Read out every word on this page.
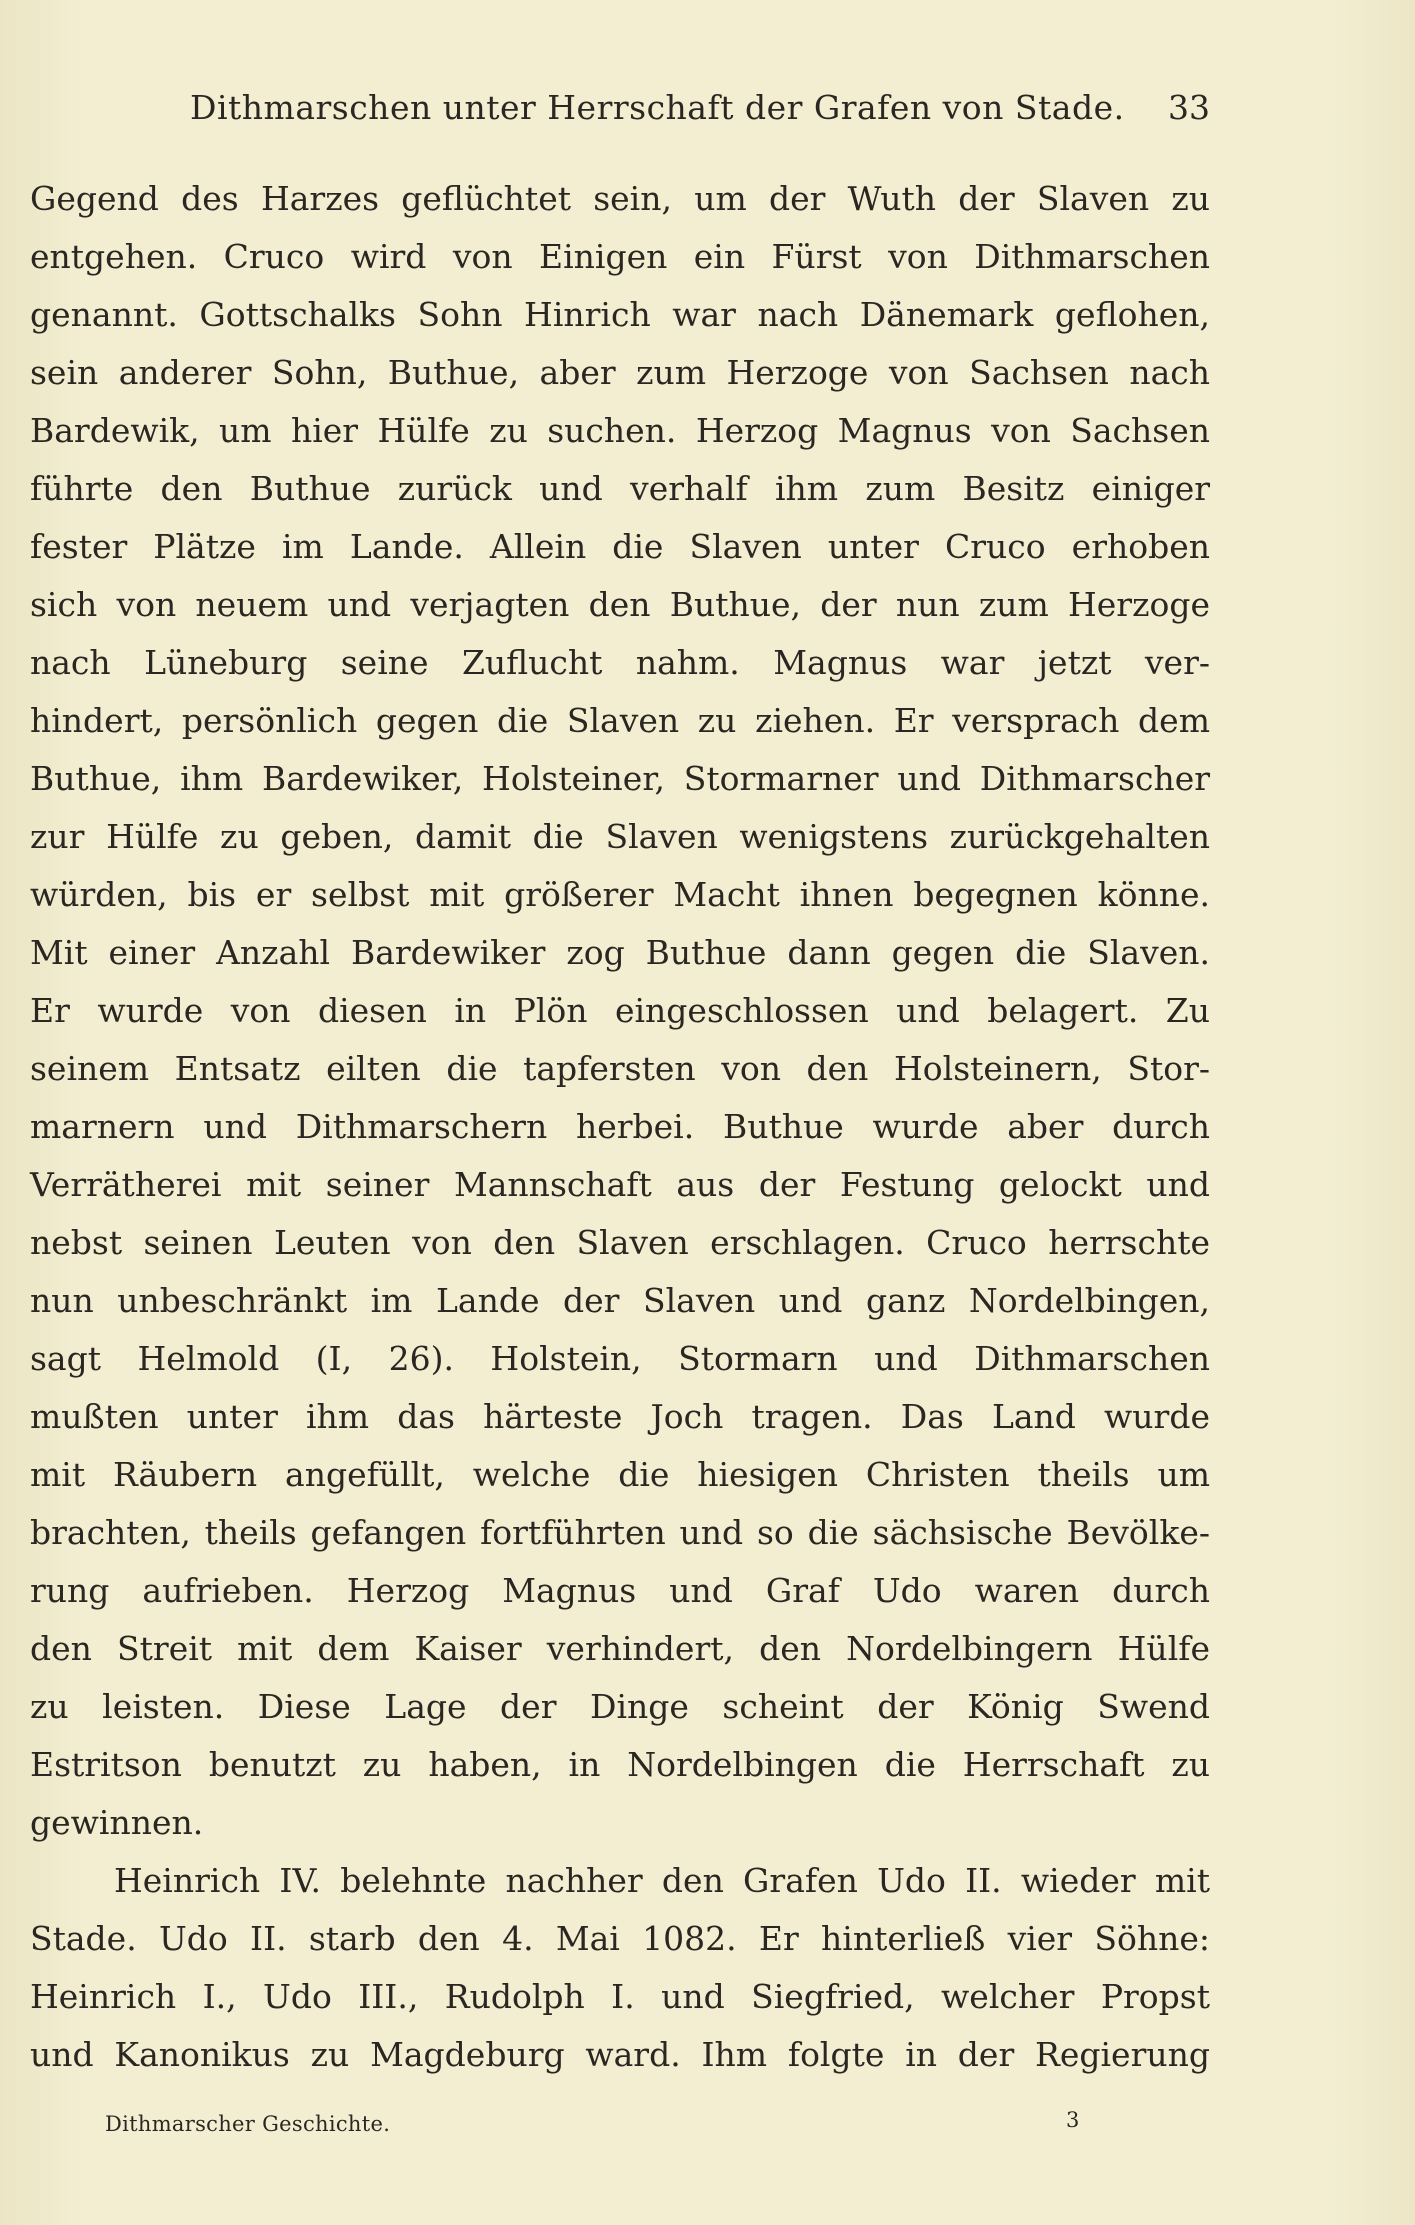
Dithmarschen unter Herrschaft der Grafen von Stade. 33
Gegend des Harzes geflüchtet sein, um der Wuth der Slaven zu
entgehen. Cruco wird von Einigen ein Fürst von Dithmarschen
genannt. Gottschalks Sohn Hinrich war nach Dänemark geflohen,
sein anderer Sohn, Buthue, aber zum Herzoge von Sachsen nach
Bardewik, um hier Hülfe zu suchen. Herzog Magnus von Sachsen
führte den Buthue zurück und verhalf ihm zum Besitz einiger
fester Plätze im Lande. Allein die Slaven unter Cruco erhoben
sich von neuem und verjagten den Buthue, der nun zum Herzoge
nach Lüneburg seine Zuflucht nahm. Magnus war jetzt ver-
hindert, persönlich gegen die Slaven zu ziehen. Er versprach dem
Buthue, ihm Bardewiker, Holsteiner, Stormarner und Dithmarscher
zur Hülfe zu geben, damit die Slaven wenigstens zurückgehalten
würden, bis er selbst mit größerer Macht ihnen begegnen könne.
Mit einer Anzahl Bardewiker zog Buthue dann gegen die Slaven.
Er wurde von diesen in Plön eingeschlossen und belagert. Zu
seinem Entsatz eilten die tapfersten von den Holsteinern, Stor-
marnern und Dithmarschern herbei. Buthue wurde aber durch
Verrätherei mit seiner Mannschaft aus der Festung gelockt und
nebst seinen Leuten von den Slaven erschlagen. Cruco herrschte
nun unbeschränkt im Lande der Slaven und ganz Nordelbingen,
sagt Helmold (I, 26). Holstein, Stormarn und Dithmarschen
mußten unter ihm das härteste Joch tragen. Das Land wurde
mit Räubern angefüllt, welche die hiesigen Christen theils um
brachten, theils gefangen fortführten und so die sächsische Bevölke-
rung aufrieben. Herzog Magnus und Graf Udo waren durch
den Streit mit dem Kaiser verhindert, den Nordelbingern Hülfe
zu leisten. Diese Lage der Dinge scheint der König Swend
Estritson benutzt zu haben, in Nordelbingen die Herrschaft zu
gewinnen.
Heinrich IV. belehnte nachher den Grafen Udo II. wieder mit
Stade. Udo II. starb den 4. Mai 1082. Er hinterließ vier Söhne:
Heinrich I., Udo III., Rudolph I. und Siegfried, welcher Propst
und Kanonikus zu Magdeburg ward. Ihm folgte in der Regierung
Dithmarscher Geschichte.	3
